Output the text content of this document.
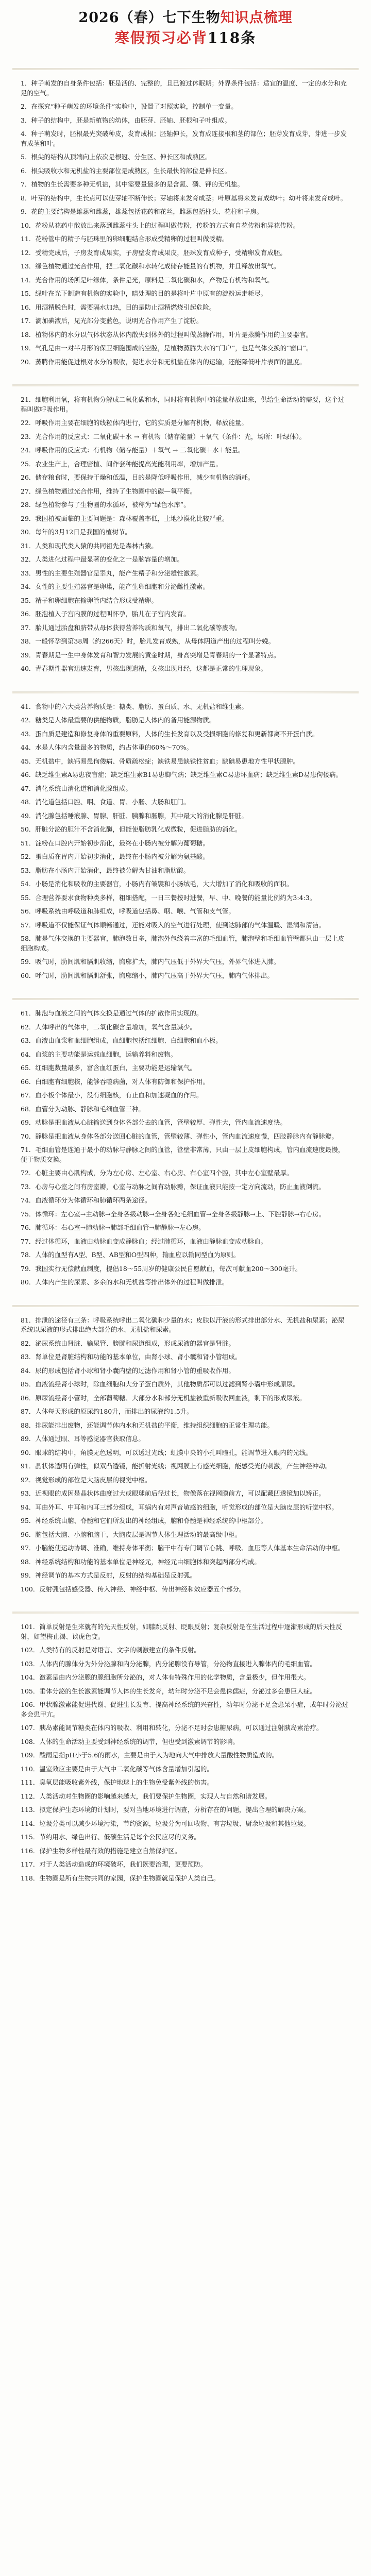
2026（春）七下生物知识点梳理
寒假预习必背118条
1．种子萌发的自身条件包括：胚是活的、完整的，且已渡过休眠期；外界条件包括：适宜的温度、一定的水分和充足的空气。
2．在探究“种子萌发的环境条件”实验中，设置了对照实验，控制单一变量。
3．种子的结构中，胚是新植物的幼体，由胚芽、胚轴、胚根和子叶组成。
4．种子萌发时，胚根最先突破种皮，发育成根；胚轴伸长，发育成连接根和茎的部位；胚芽发育成芽，芽进一步发育成茎和叶。
5．根尖的结构从顶端向上依次是根冠、分生区、伸长区和成熟区。
6．根尖吸收水和无机盐的主要部位是成熟区，生长最快的部位是伸长区。
7．植物的生长需要多种无机盐，其中需要量最多的是含氮、磷、钾的无机盐。
8．叶芽的结构中，生长点可以使芽轴不断伸长；芽轴将来发育成茎；叶原基将来发育成幼叶；幼叶将来发育成叶。
9．花的主要结构是雄蕊和雌蕊，雄蕊包括花药和花丝，雌蕊包括柱头、花柱和子房。
10．花粉从花药中散放出来落到雌蕊柱头上的过程叫做传粉，传粉的方式有自花传粉和异花传粉。
11．花粉管中的精子与胚珠里的卵细胞结合形成受精卵的过程叫做受精。
12．受精完成后，子房发育成果实，子房壁发育成果皮，胚珠发育成种子，受精卵发育成胚。
13．绿色植物通过光合作用，把二氧化碳和水转化成储存能量的有机物，并且释放出氧气。
14．光合作用的场所是叶绿体，条件是光，原料是二氧化碳和水，产物是有机物和氧气。
15．绿叶在光下制造有机物的实验中，暗处理的目的是将叶片中原有的淀粉运走耗尽。
16．用酒精脱色时，需要隔水加热，目的是防止酒精燃烧引起危险。
17．滴加碘液后，见光部分变蓝色，说明光合作用产生了淀粉。
18．植物体内的水分以气体状态从体内散失到体外的过程叫做蒸腾作用，叶片是蒸腾作用的主要器官。
19．气孔是由一对半月形的保卫细胞围成的空腔，是植物蒸腾失水的“门户”，也是气体交换的“窗口”。
20．蒸腾作用能促进根对水分的吸收，促进水分和无机盐在体内的运输，还能降低叶片表面的温度。
21．细胞利用氧，将有机物分解成二氧化碳和水，同时将有机物中的能量释放出来，供给生命活动的需要，这个过程叫做呼吸作用。
22．呼吸作用主要在细胞的线粒体内进行，它的实质是分解有机物，释放能量。
23．光合作用的反应式：二氧化碳＋水 → 有机物（储存能量）＋氧气（条件：光，场所：叶绿体）。
24．呼吸作用的反应式：有机物（储存能量）＋氧气 → 二氧化碳＋水＋能量。
25．农业生产上，合理密植、间作套种能提高光能利用率，增加产量。
26．储存粮食时，要保持干燥和低温，目的是降低呼吸作用，减少有机物的消耗。
27．绿色植物通过光合作用，维持了生物圈中的碳—氧平衡。
28．绿色植物参与了生物圈的水循环，被称为“绿色水库”。
29．我国植被面临的主要问题是：森林覆盖率低，土地沙漠化比较严重。
30．每年的3月12日是我国的植树节。
31．人类和现代类人猿的共同祖先是森林古猿。
32．人类进化过程中最显著的变化之一是脑容量的增加。
33．男性的主要生殖器官是睾丸，能产生精子和分泌雄性激素。
34．女性的主要生殖器官是卵巢，能产生卵细胞和分泌雌性激素。
35．精子和卵细胞在输卵管内结合形成受精卵。
36．胚泡植入子宫内膜的过程叫怀孕，胎儿在子宫内发育。
37．胎儿通过胎盘和脐带从母体获得营养物质和氧气，排出二氧化碳等废物。
38．一般怀孕到第38周（约266天）时，胎儿发育成熟，从母体阴道产出的过程叫分娩。
39．青春期是一生中身体发育和智力发展的黄金时期，身高突增是青春期的一个显著特点。
40．青春期性器官迅速发育，男孩出现遗精，女孩出现月经，这都是正常的生理现象。
41．食物中的六大类营养物质是：糖类、脂肪、蛋白质、水、无机盐和维生素。
42．糖类是人体最重要的供能物质，脂肪是人体内的备用能源物质。
43．蛋白质是建造和修复身体的重要原料，人体的生长发育以及受损细胞的修复和更新都离不开蛋白质。
44．水是人体内含量最多的物质，约占体重的60%～70%。
45．无机盐中，缺钙易患佝偻病、骨质疏松症；缺铁易患缺铁性贫血；缺碘易患地方性甲状腺肿。
46．缺乏维生素A易患夜盲症；缺乏维生素B1易患脚气病；缺乏维生素C易患坏血病；缺乏维生素D易患佝偻病。
47．消化系统由消化道和消化腺组成。
48．消化道包括口腔、咽、食道、胃、小肠、大肠和肛门。
49．消化腺包括唾液腺、胃腺、肝脏、胰腺和肠腺，其中最大的消化腺是肝脏。
50．肝脏分泌的胆汁不含消化酶，但能使脂肪乳化成微粒，促进脂肪的消化。
51．淀粉在口腔内开始初步消化，最终在小肠内被分解为葡萄糖。
52．蛋白质在胃内开始初步消化，最终在小肠内被分解为氨基酸。
53．脂肪在小肠内开始消化，最终被分解为甘油和脂肪酸。
54．小肠是消化和吸收的主要器官，小肠内有皱襞和小肠绒毛，大大增加了消化和吸收的面积。
55．合理营养要求食物种类多样，粗细搭配，一日三餐按时进餐，早、中、晚餐的能量比例约为3:4:3。
56．呼吸系统由呼吸道和肺组成，呼吸道包括鼻、咽、喉、气管和支气管。
57．呼吸道不仅能保证气体顺畅通过，还能对吸入的空气进行处理，使到达肺部的气体温暖、湿润和清洁。
58．肺是气体交换的主要器官，肺泡数目多，肺泡外包绕着丰富的毛细血管，肺泡壁和毛细血管壁都只由一层上皮细胞构成。
59．吸气时，肋间肌和膈肌收缩，胸廓扩大，肺内气压低于外界大气压，外界气体进入肺。
60．呼气时，肋间肌和膈肌舒张，胸廓缩小，肺内气压高于外界大气压，肺内气体排出。
61．肺泡与血液之间的气体交换是通过气体的扩散作用实现的。
62．人体呼出的气体中，二氧化碳含量增加，氧气含量减少。
63．血液由血浆和血细胞组成，血细胞包括红细胞、白细胞和血小板。
64．血浆的主要功能是运载血细胞，运输养料和废物。
65．红细胞数量最多，富含血红蛋白，主要功能是运输氧气。
66．白细胞有细胞核，能够吞噬病菌，对人体有防御和保护作用。
67．血小板个体最小，没有细胞核，有止血和加速凝血的作用。
68．血管分为动脉、静脉和毛细血管三种。
69．动脉是把血液从心脏输送到身体各部分去的血管，管壁较厚、弹性大，管内血流速度快。
70．静脉是把血液从身体各部分送回心脏的血管，管壁较薄、弹性小，管内血流速度慢，四肢静脉内有静脉瓣。
71．毛细血管是连通于最小的动脉与静脉之间的血管，管壁非常薄，只由一层上皮细胞构成，管内血流速度最慢，便于物质交换。
72．心脏主要由心肌构成，分为左心房、左心室、右心房、右心室四个腔，其中左心室壁最厚。
73．心房与心室之间有房室瓣，心室与动脉之间有动脉瓣，保证血液只能按一定方向流动，防止血液倒流。
74．血液循环分为体循环和肺循环两条途径。
75．体循环：左心室→主动脉→全身各级动脉→全身各处毛细血管→全身各级静脉→上、下腔静脉→右心房。
76．肺循环：右心室→肺动脉→肺部毛细血管→肺静脉→左心房。
77．经过体循环，血液由动脉血变成静脉血；经过肺循环，血液由静脉血变成动脉血。
78．人体的血型有A型、B型、AB型和O型四种，输血应以输同型血为原则。
79．我国实行无偿献血制度，提倡18～55周岁的健康公民自愿献血，每次可献血200～300毫升。
80．人体内产生的尿素、多余的水和无机盐等排出体外的过程叫做排泄。
81．排泄的途径有三条：呼吸系统呼出二氧化碳和少量的水；皮肤以汗液的形式排出部分水、无机盐和尿素；泌尿系统以尿液的形式排出绝大部分的水、无机盐和尿素。
82．泌尿系统由肾脏、输尿管、膀胱和尿道组成，形成尿液的器官是肾脏。
83．肾单位是肾脏结构和功能的基本单位，由肾小球、肾小囊和肾小管组成。
84．尿的形成包括肾小球和肾小囊内壁的过滤作用和肾小管的重吸收作用。
85．血液流经肾小球时，除血细胞和大分子蛋白质外，其他物质都可以过滤到肾小囊中形成原尿。
86．原尿流经肾小管时，全部葡萄糖、大部分水和部分无机盐被重新吸收回血液，剩下的形成尿液。
87．人体每天形成的原尿约180升，而排出的尿液约1.5升。
88．排尿能排出废物，还能调节体内水和无机盐的平衡，维持组织细胞的正常生理功能。
89．人体通过眼、耳等感觉器官获取信息。
90．眼球的结构中，角膜无色透明，可以透过光线；虹膜中央的小孔叫瞳孔，能调节进入眼内的光线。
91．晶状体透明有弹性，似双凸透镜，能折射光线；视网膜上有感光细胞，能感受光的刺激，产生神经冲动。
92．视觉形成的部位是大脑皮层的视觉中枢。
93．近视眼的成因是晶状体曲度过大或眼球前后径过长，物像落在视网膜前方，可以配戴凹透镜加以矫正。
94．耳由外耳、中耳和内耳三部分组成，耳蜗内有对声音敏感的细胞，听觉形成的部位是大脑皮层的听觉中枢。
95．神经系统由脑、脊髓和它们所发出的神经组成，脑和脊髓是神经系统的中枢部分。
96．脑包括大脑、小脑和脑干，大脑皮层是调节人体生理活动的最高级中枢。
97．小脑能使运动协调、准确，维持身体平衡；脑干中有专门调节心跳、呼吸、血压等人体基本生命活动的中枢。
98．神经系统结构和功能的基本单位是神经元，神经元由细胞体和突起两部分构成。
99．神经调节的基本方式是反射，反射的结构基础是反射弧。
100．反射弧包括感受器、传入神经、神经中枢、传出神经和效应器五个部分。
101．简单反射是生来就有的先天性反射，如膝跳反射、眨眼反射；复杂反射是在生活过程中逐渐形成的后天性反射，如望梅止渴、谈虎色变。
102．人类特有的反射是对语言、文字的刺激建立的条件反射。
103．人体内的腺体分为外分泌腺和内分泌腺，内分泌腺没有导管，分泌物直接进入腺体内的毛细血管。
104．激素是由内分泌腺的腺细胞所分泌的，对人体有特殊作用的化学物质，含量极少，但作用很大。
105．垂体分泌的生长激素能调节人体的生长发育，幼年时分泌不足会患侏儒症，分泌过多会患巨人症。
106．甲状腺激素能促进代谢、促进生长发育、提高神经系统的兴奋性，幼年时分泌不足会患呆小症，成年时分泌过多会患甲亢。
107．胰岛素能调节糖类在体内的吸收、利用和转化，分泌不足时会患糖尿病，可以通过注射胰岛素治疗。
108．人体的生命活动主要受到神经系统的调节，但也受到激素调节的影响。
109．酸雨是指pH小于5.6的雨水，主要是由于人为地向大气中排放大量酸性物质造成的。
110．温室效应主要是由于大气中二氧化碳等气体含量增加引起的。
111．臭氧层能吸收紫外线，保护地球上的生物免受紫外线的伤害。
112．人类活动对生物圈的影响越来越大，我们要保护生物圈，实现人与自然和谐发展。
113．拟定保护生态环境的计划时，要对当地环境进行调查，分析存在的问题，提出合理的解决方案。
114．垃圾分类可以减少环境污染，节约资源，垃圾分为可回收物、有害垃圾、厨余垃圾和其他垃圾。
115．节约用水、绿色出行、低碳生活是每个公民应尽的义务。
116．保护生物多样性最有效的措施是建立自然保护区。
117．对于人类活动造成的环境破坏，我们既要治理，更要预防。
118．生物圈是所有生物共同的家园，保护生物圈就是保护人类自己。
